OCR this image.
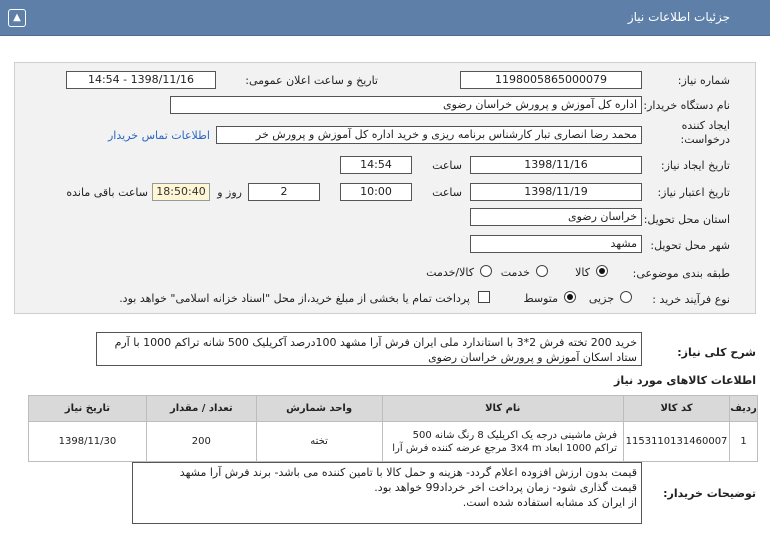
جزئیات اطلاعات نیاز
▲
شماره نیاز:
1198005865000079
تاریخ و ساعت اعلان عمومی:
1398/11/16 - 14:54
نام دستگاه خریدار:
اداره کل آموزش و پرورش خراسان رضوی
ایجاد کننده
درخواست:
محمد رضا انصاری تبار کارشناس برنامه ریزی و خرید اداره کل آموزش و پرورش خر
اطلاعات تماس خریدار
تاریخ ایجاد نیاز:
1398/11/16
ساعت
14:54
تاریخ اعتبار نیاز:
1398/11/19
ساعت
10:00
2
روز و
18:50:40
ساعت باقی مانده
استان محل تحویل:
خراسان رضوی
شهر محل تحویل:
مشهد
طبقه بندی موضوعی:
کالا
خدمت
کالا/خدمت
نوع فرآیند خرید :
جزیی
متوسط
پرداخت تمام یا بخشی از مبلغ خرید،از محل "اسناد خزانه اسلامی" خواهد بود.
شرح کلی نیاز:
خرید 200 تخته فرش 2*3 با استاندارد ملی ایران فرش آرا مشهد 100درصد آکریلیک 500 شانه تراکم 1000 با آرم ستاد اسکان آموزش و پرورش خراسان رضوی
اطلاعات کالاهای مورد نیاز
ردیف	کد کالا	نام کالا	واحد شمارش	تعداد / مقدار	تاریخ نیاز
1	1153110131460007	فرش ماشینی درجه یک اکریلیک 8 رنگ شانه 500 تراکم 1000 ابعاد 3x4 m مرجع عرضه کننده فرش آرا	تخته	200	1398/11/30
توضیحات خریدار:
قیمت بدون ارزش افزوده اعلام گردد- هزینه و حمل کالا با تامین کننده می باشد- برند فرش آرا مشهد
قیمت گذاری شود- زمان پرداخت اخر خرداد99 خواهد بود.
از ایران کد مشابه استفاده شده است.
